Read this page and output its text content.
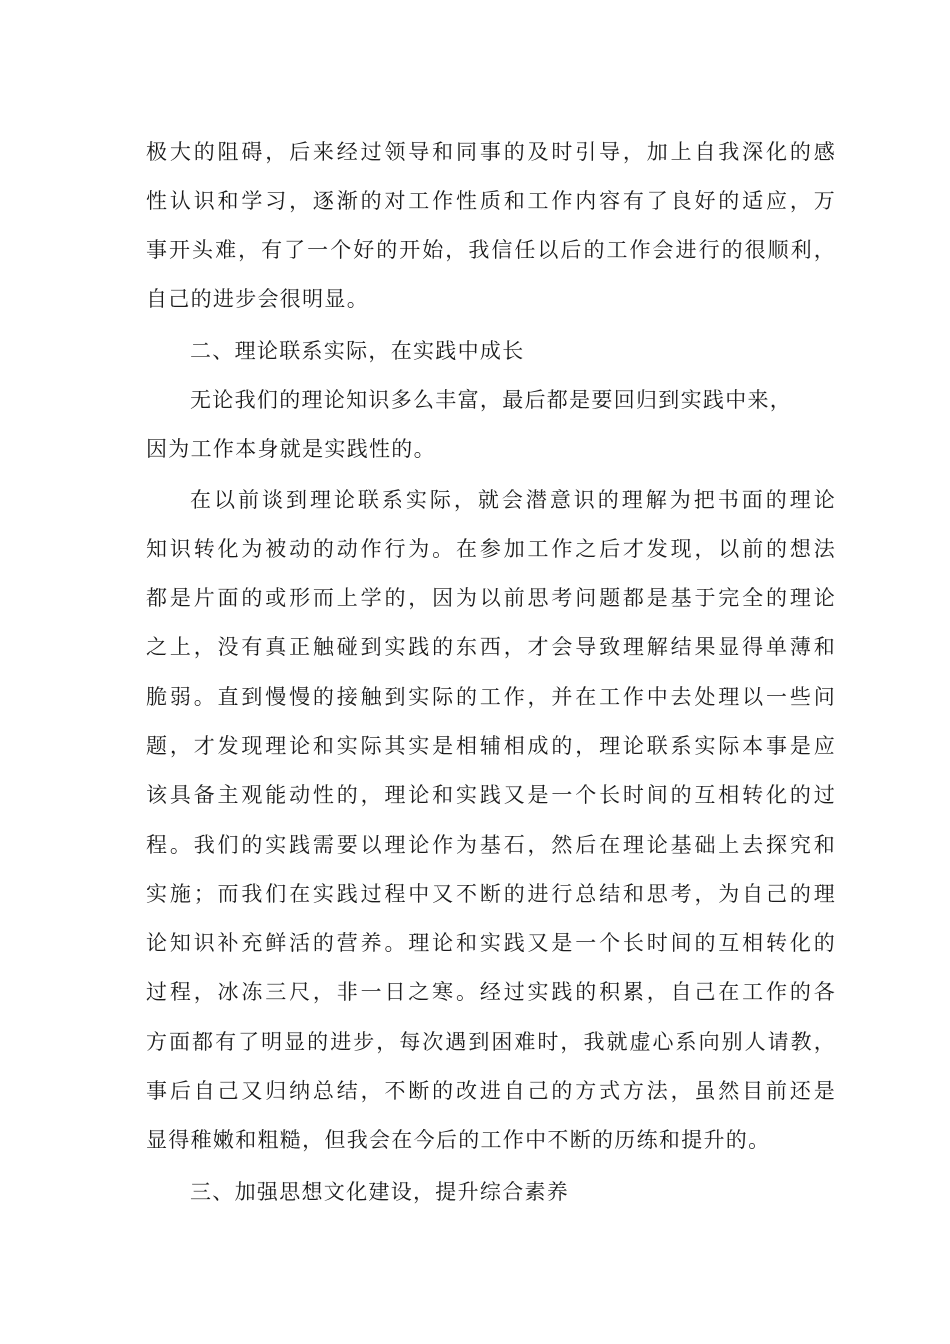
极大的阻碍，后来经过领导和同事的及时引导，加上自我深化的感
性认识和学习，逐渐的对工作性质和工作内容有了良好的适应，万
事开头难，有了一个好的开始，我信任以后的工作会进行的很顺利，
自己的进步会很明显。
二、理论联系实际，在实践中成长
无论我们的理论知识多么丰富，最后都是要回归到实践中来，
因为工作本身就是实践性的。
在以前谈到理论联系实际，就会潜意识的理解为把书面的理论
知识转化为被动的动作行为。在参加工作之后才发现，以前的想法
都是片面的或形而上学的，因为以前思考问题都是基于完全的理论
之上，没有真正触碰到实践的东西，才会导致理解结果显得单薄和
脆弱。直到慢慢的接触到实际的工作，并在工作中去处理以一些问
题，才发现理论和实际其实是相辅相成的，理论联系实际本事是应
该具备主观能动性的，理论和实践又是一个长时间的互相转化的过
程。我们的实践需要以理论作为基石，然后在理论基础上去探究和
实施；而我们在实践过程中又不断的进行总结和思考，为自己的理
论知识补充鲜活的营养。理论和实践又是一个长时间的互相转化的
过程，冰冻三尺，非一日之寒。经过实践的积累，自己在工作的各
方面都有了明显的进步，每次遇到困难时，我就虚心系向别人请教，
事后自己又归纳总结，不断的改进自己的方式方法，虽然目前还是
显得稚嫩和粗糙，但我会在今后的工作中不断的历练和提升的。
三、加强思想文化建设，提升综合素养
